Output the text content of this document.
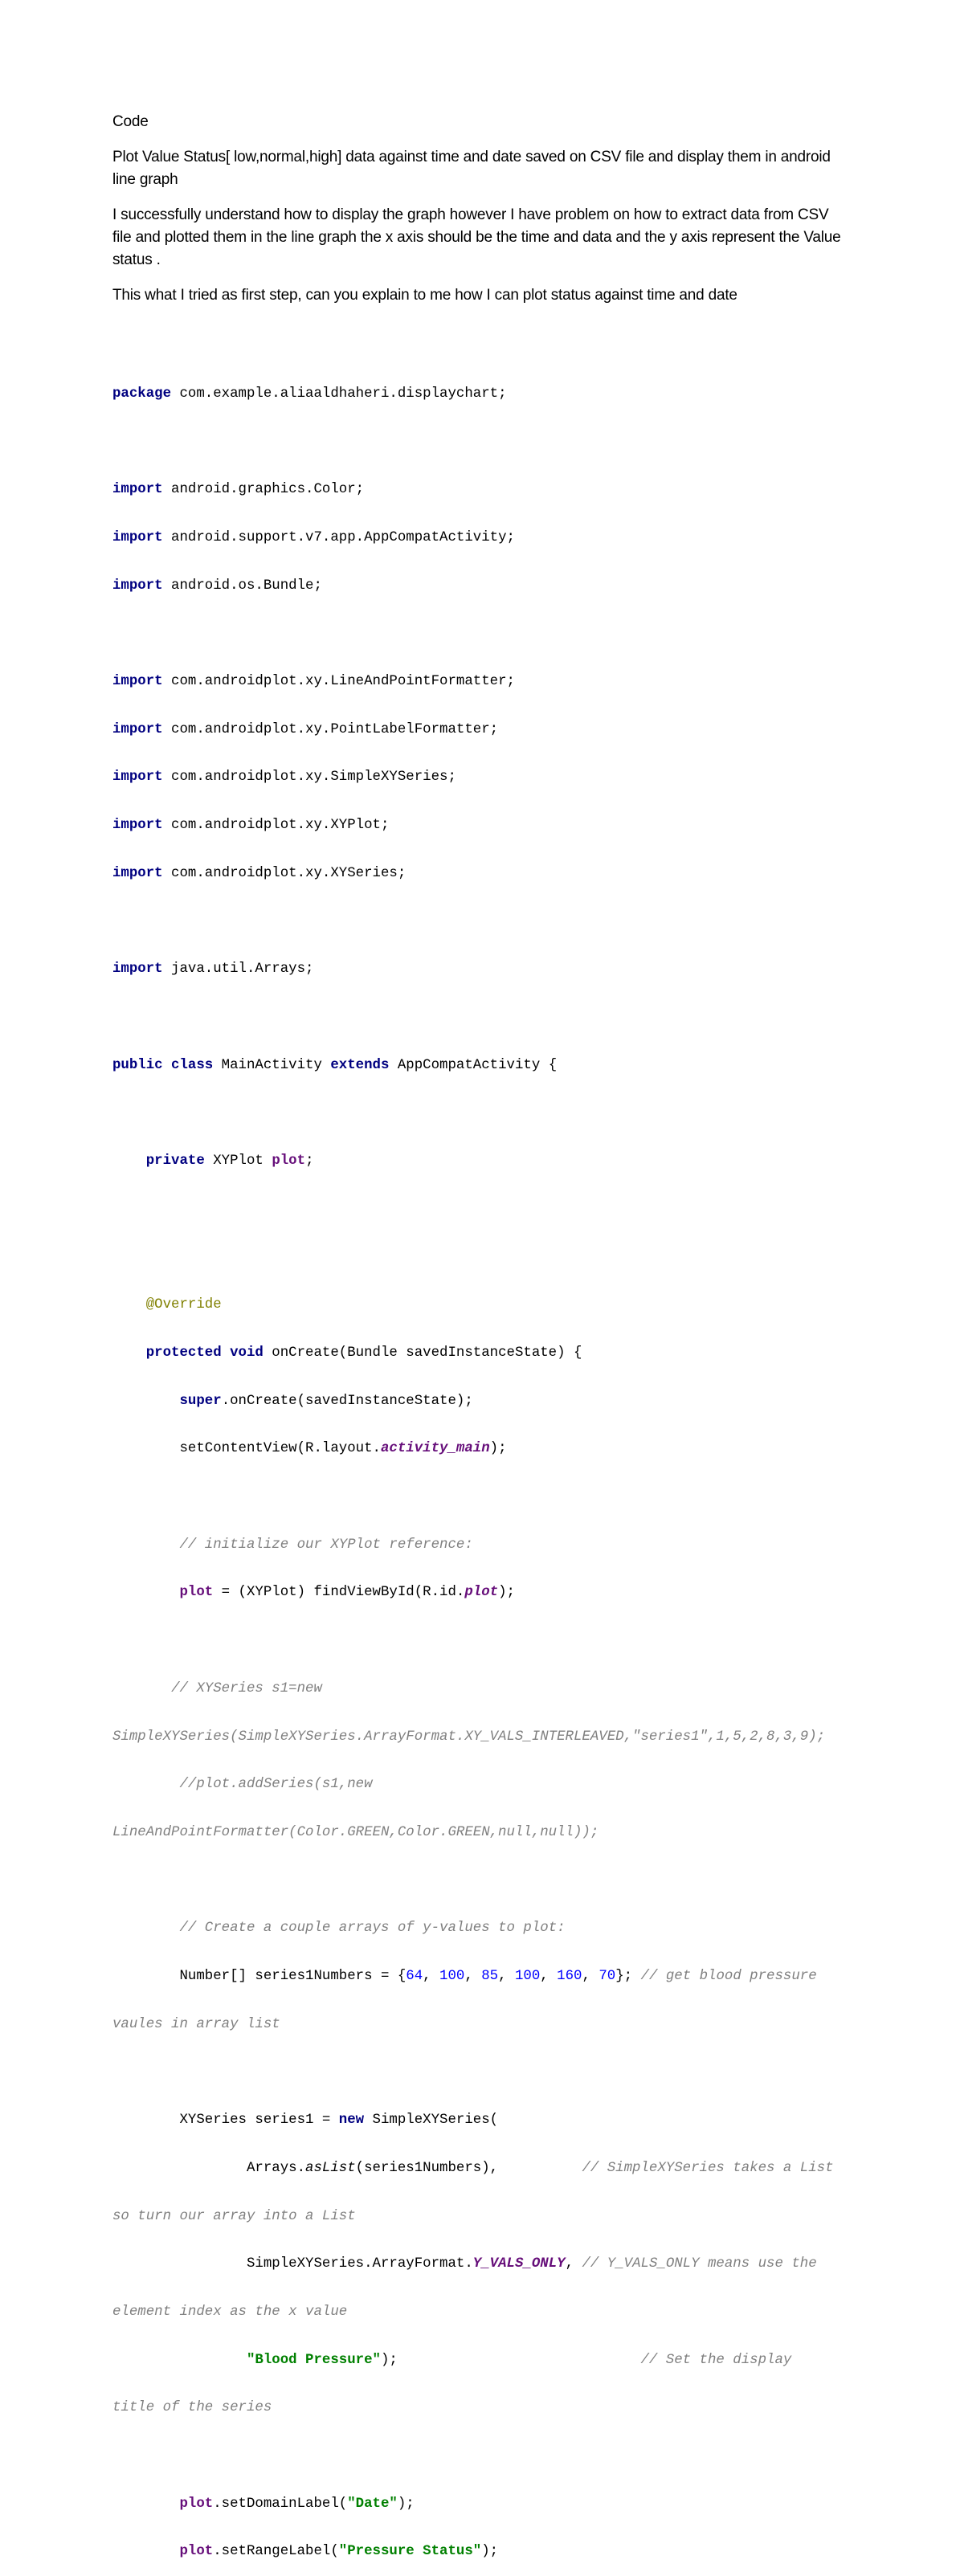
Code

Plot Value Status[ low,normal,high] data against time and date saved on CSV file and display them in android line graph

I successfully understand how to display the graph however I have problem on how to extract data from CSV file and plotted them in the line graph the x axis should be the time and data and the y axis represent the Value status .

This what I tried as first step, can you explain to me how I can plot status against time and date

package com.example.aliaaldhaheri.displaychart;

import android.graphics.Color;

import android.support.v7.app.AppCompatActivity;

import android.os.Bundle;

import com.androidplot.xy.LineAndPointFormatter;

import com.androidplot.xy.PointLabelFormatter;

import com.androidplot.xy.SimpleXYSeries;

import com.androidplot.xy.XYPlot;

import com.androidplot.xy.XYSeries;

import java.util.Arrays;

public class MainActivity extends AppCompatActivity {

private XYPlot plot;

@Override

protected void onCreate(Bundle savedInstanceState) {

super.onCreate(savedInstanceState);

setContentView(R.layout.activity_main);

// initialize our XYPlot reference:

plot = (XYPlot) findViewById(R.id.plot);

// XYSeries s1=new

SimpleXYSeries(SimpleXYSeries.ArrayFormat.XY_VALS_INTERLEAVED,"series1",1,5,2,8,3,9);

//plot.addSeries(s1,new

LineAndPointFormatter(Color.GREEN,Color.GREEN,null,null));

// Create a couple arrays of y-values to plot:

Number[] series1Numbers = {64, 100, 85, 100, 160, 70}; // get blood pressure

vaules in array list

XYSeries series1 = new SimpleXYSeries(

Arrays.asList(series1Numbers),          // SimpleXYSeries takes a List

so turn our array into a List

SimpleXYSeries.ArrayFormat.Y_VALS_ONLY, // Y_VALS_ONLY means use the

element index as the x value

"Blood Pressure");                             // Set the display

title of the series

plot.setDomainLabel("Date");

plot.setRangeLabel("Pressure Status");
